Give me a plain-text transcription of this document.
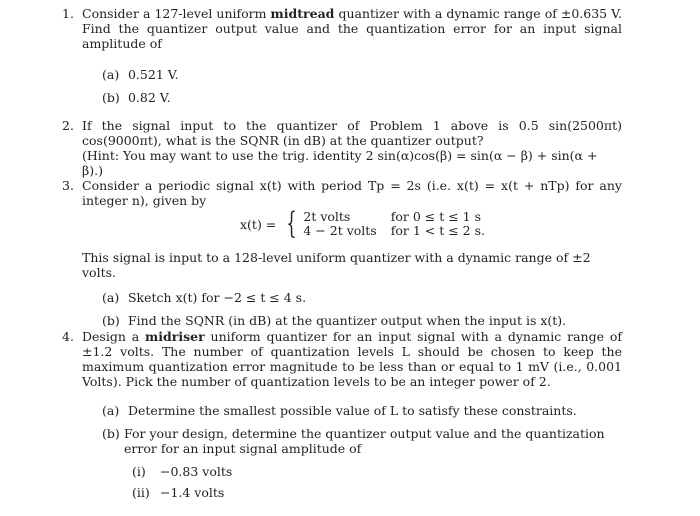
1. Consider a 127-level uniform midtread quantizer with a dynamic range of ±0.635 V. Find the quantizer output value and the quantization error for an input signal amplitude of
(a) 0.521 V.
(b) 0.82 V.
2. If the signal input to the quantizer of Problem 1 above is 0.5 sin(2500πt) cos(9000πt), what is the SQNR (in dB) at the quantizer output?
(Hint: You may want to use the trig. identity 2 sin(α)cos(β) = sin(α − β) + sin(α + β).)
3. Consider a periodic signal x(t) with period Tp = 2s (i.e. x(t) = x(t + nTp) for any integer n), given by
x(t) = { 2t volts	for 0 ≤ t ≤ 1 s
4 − 2t volts	for 1 < t ≤ 2 s.
This signal is input to a 128-level uniform quantizer with a dynamic range of ±2 volts.
(a) Sketch x(t) for −2 ≤ t ≤ 4 s.
(b) Find the SQNR (in dB) at the quantizer output when the input is x(t).
4. Design a midriser uniform quantizer for an input signal with a dynamic range of ±1.2 volts. The number of quantization levels L should be chosen to keep the maximum quantization error magnitude to be less than or equal to 1 mV (i.e., 0.001 Volts). Pick the number of quantization levels to be an integer power of 2.
(a) Determine the smallest possible value of L to satisfy these constraints.
(b) For your design, determine the quantizer output value and the quantization error for an input signal amplitude of
(i) −0.83 volts
(ii) −1.4 volts
